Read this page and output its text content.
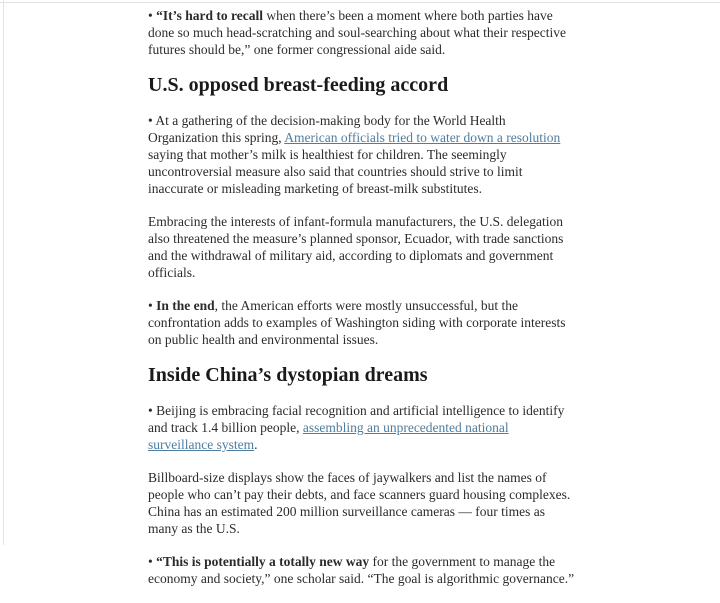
• “It’s hard to recall when there’s been a moment where both parties have done so much head-scratching and soul-searching about what their respective futures should be,” one former congressional aide said.

U.S. opposed breast-feeding accord

• At a gathering of the decision-making body for the World Health Organization this spring, American officials tried to water down a resolution saying that mother’s milk is healthiest for children. The seemingly uncontroversial measure also said that countries should strive to limit inaccurate or misleading marketing of breast-milk substitutes.

Embracing the interests of infant-formula manufacturers, the U.S. delegation also threatened the measure’s planned sponsor, Ecuador, with trade sanctions and the withdrawal of military aid, according to diplomats and government officials.

• In the end, the American efforts were mostly unsuccessful, but the confrontation adds to examples of Washington siding with corporate interests on public health and environmental issues.

Inside China’s dystopian dreams

• Beijing is embracing facial recognition and artificial intelligence to identify and track 1.4 billion people, assembling an unprecedented national surveillance system.

Billboard-size displays show the faces of jaywalkers and list the names of people who can’t pay their debts, and face scanners guard housing complexes. China has an estimated 200 million surveillance cameras — four times as many as the U.S.

• “This is potentially a totally new way for the government to manage the economy and society,” one scholar said. “The goal is algorithmic governance.”
